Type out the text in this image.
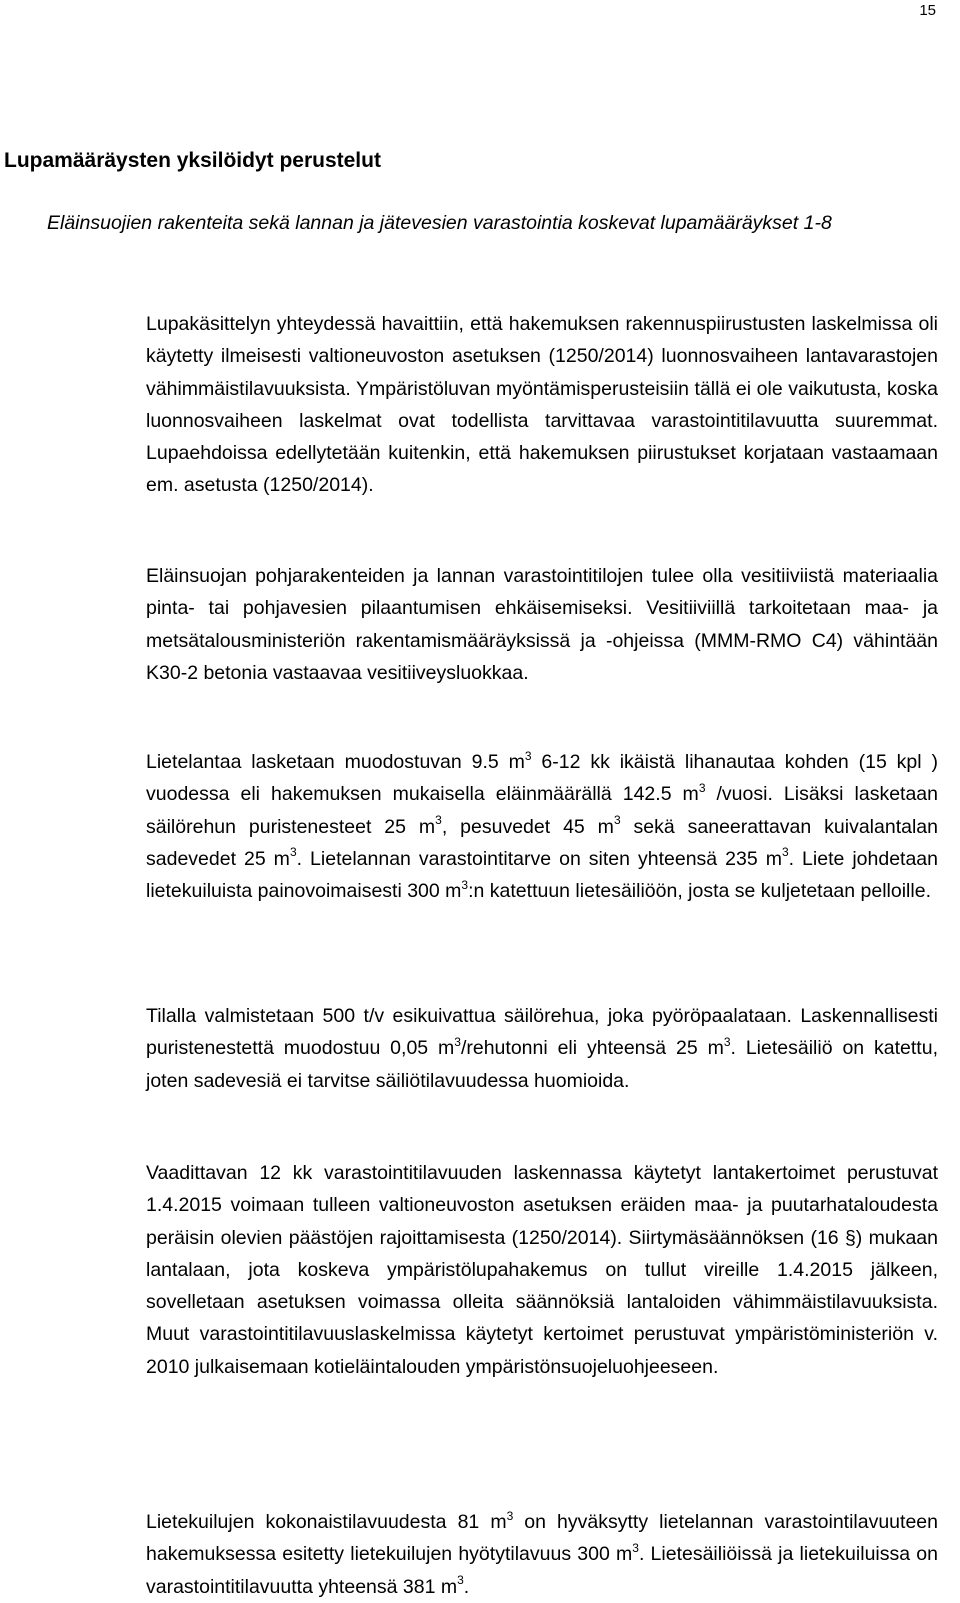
15
Lupamääräysten yksilöidyt perustelut

Eläinsuojien rakenteita sekä lannan ja jätevesien varastointia koskevat lupamääräykset 1-8

Lupakäsittelyn yhteydessä havaittiin, että hakemuksen rakennuspiirustusten laskelmissa oli käytetty ilmeisesti valtioneuvoston asetuksen (1250/2014) luonnosvaiheen lantavarastojen vähimmäistilavuuksista. Ympäristöluvan myöntämisperusteisiin tällä ei ole vaikutusta, koska luonnosvaiheen laskelmat ovat todellista tarvittavaa varastointitilavuutta suuremmat. Lupaehdoissa edellytetään kuitenkin, että hakemuksen piirustukset korjataan vastaamaan em. asetusta (1250/2014).

Eläinsuojan pohjarakenteiden ja lannan varastointitilojen tulee olla vesitiiviistä materiaalia pinta- tai pohjavesien pilaantumisen ehkäisemiseksi. Vesitiiviillä tarkoitetaan maa- ja metsätalousministeriön rakentamismääräyksissä ja -ohjeissa (MMM-RMO C4) vähintään K30-2 betonia vastaavaa vesitiiveysluokkaa.

Lietelantaa lasketaan muodostuvan 9.5 $m^3$ 6-12 kk ikäistä lihanautaa kohden (15 kpl ) vuodessa eli hakemuksen mukaisella eläinmäärällä 142.5 $m^3$ /vuosi. Lisäksi lasketaan säilörehun puristenesteet 25 $m^3$, pesuvedet 45 $m^3$ sekä saneerattavan kuivalantalan sadevedet 25 $m^3$. Lietelannan varastointitarve on siten yhteensä 235 $m^3$. Liete johdetaan lietekuiluista painovoimaisesti 300 $m^3:n$ katettuun lietesäiliöön, josta se kuljetetaan pelloille.

Tilalla valmistetaan 500 t/v esikuivattua säilörehua, joka pyöröpaalataan. Laskennallisesti puristenestettä muodostuu 0,05 $m^3$/rehutonni eli yhteensä 25 $m^3$. Lietesäiliö on katettu, joten sadevesiä ei tarvitse säiliötilavuudessa huomioida.

Vaadittavan 12 kk varastointitilavuuden laskennassa käytetyt lantakertoimet perustuvat 1.4.2015 voimaan tulleen valtioneuvoston asetuksen eräiden maa- ja puutarhataloudesta peräisin olevien päästöjen rajoittamisesta (1250/2014). Siirtymäsäännöksen (16 §) mukaan lantalaan, jota koskeva ympäristölupahakemus on tullut vireille 1.4.2015 jälkeen, sovelletaan asetuksen voimassa olleita säännöksiä lantaloiden vähimmäistilavuuksista. Muut varastointitilavuuslaskelmissa käytetyt kertoimet perustuvat ympäristöministeriön v. 2010 julkaisemaan kotieläintalouden ympäristönsuojeluohjeeseen.

Lietekuilujen kokonaistilavuudesta 81 $m^3$ on hyväksytty lietelannan varastointilavuuteen hakemuksessa esitetty lietekuilujen hyötytilavuus 300 $m^3$. Lietesäiliöissä ja lietekuiluissa on varastointitilavuutta yhteensä 381 $m^3$.
